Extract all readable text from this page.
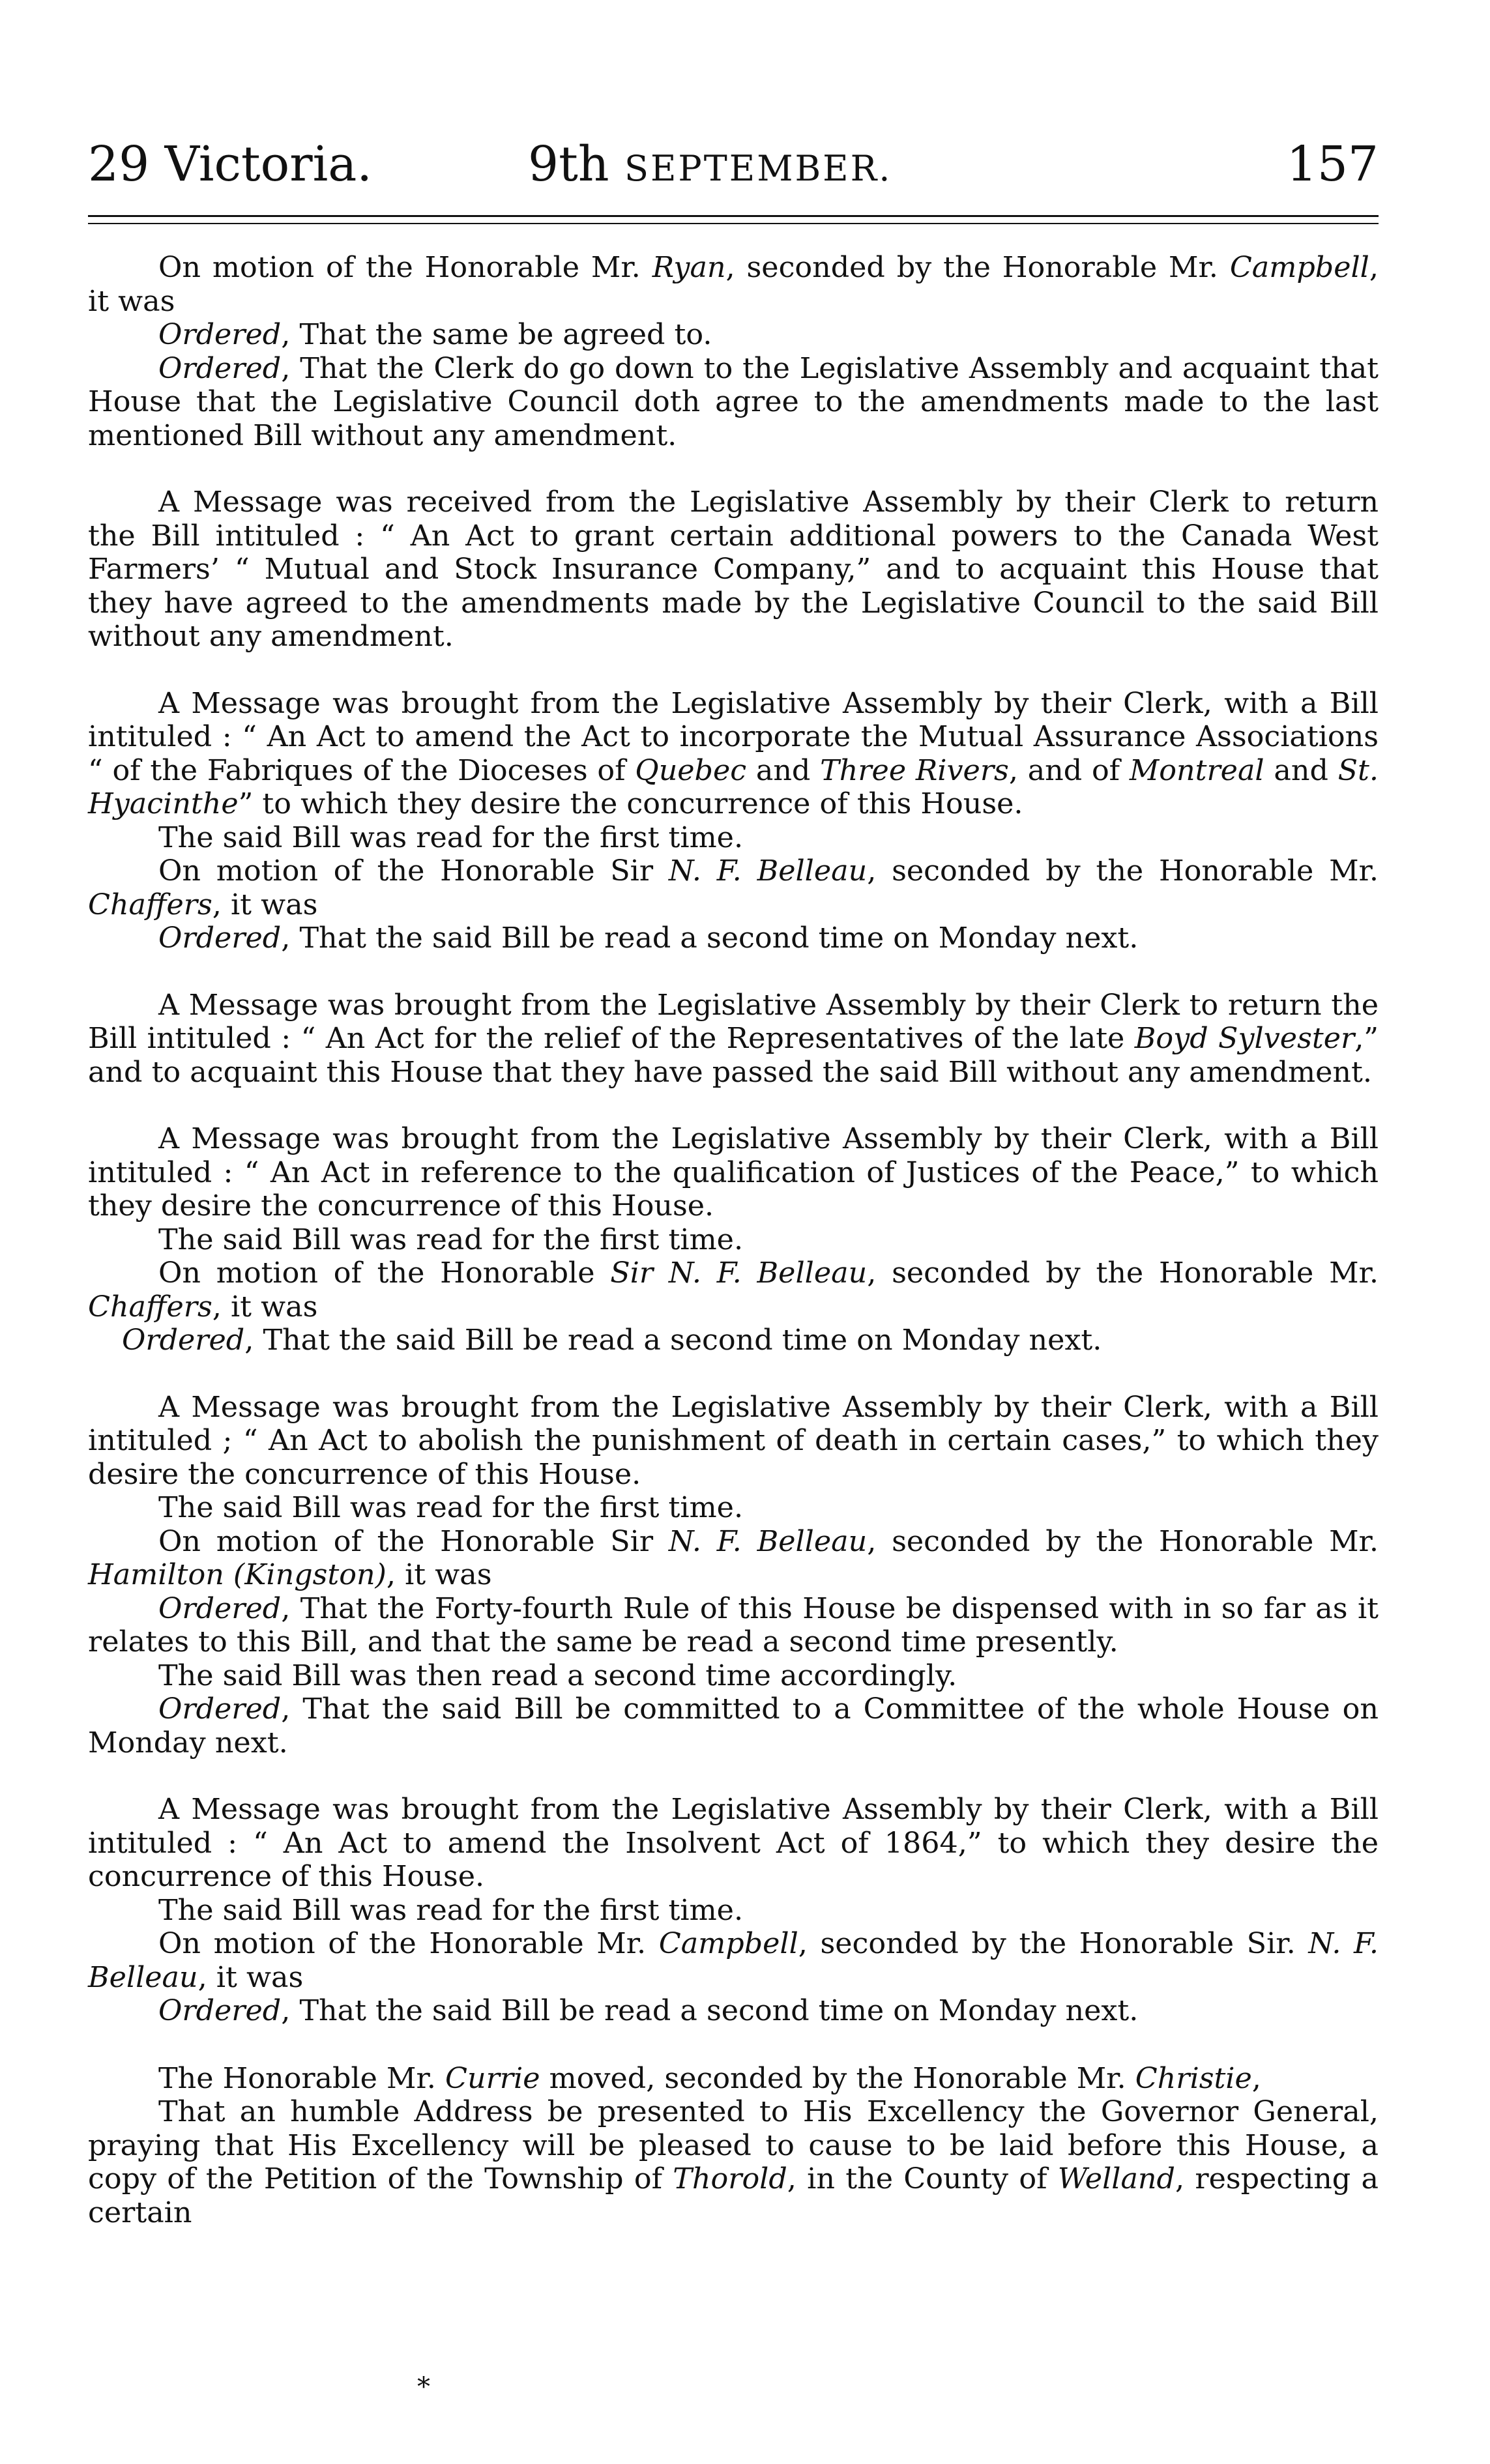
29 Victoria.	9th SEPTEMBER.	157

On motion of the Honorable Mr. Ryan, seconded by the Honorable Mr. Campbell, it was

Ordered, That the same be agreed to.

Ordered, That the Clerk do go down to the Legislative Assembly and acquaint that House that the Legislative Council doth agree to the amendments made to the last mentioned Bill without any amendment.

A Message was received from the Legislative Assembly by their Clerk to return the Bill intituled : “ An Act to grant certain additional powers to the Canada West Farmers’ “ Mutual and Stock Insurance Company,” and to acquaint this House that they have agreed to the amendments made by the Legislative Council to the said Bill without any amendment.

A Message was brought from the Legislative Assembly by their Clerk, with a Bill intituled : “ An Act to amend the Act to incorporate the Mutual Assurance Associations “ of the Fabriques of the Dioceses of Quebec and Three Rivers, and of Montreal and St. Hyacinthe” to which they desire the concurrence of this House.

The said Bill was read for the first time.

On motion of the Honorable Sir N. F. Belleau, seconded by the Honorable Mr. Chaffers, it was

Ordered, That the said Bill be read a second time on Monday next.

A Message was brought from the Legislative Assembly by their Clerk to return the Bill intituled : “ An Act for the relief of the Representatives of the late Boyd Sylvester,” and to acquaint this House that they have passed the said Bill without any amendment.

A Message was brought from the Legislative Assembly by their Clerk, with a Bill intituled : “ An Act in reference to the qualification of Justices of the Peace,” to which they desire the concurrence of this House.

The said Bill was read for the first time.

On motion of the Honorable Sir N. F. Belleau, seconded by the Honorable Mr. Chaffers, it was

Ordered, That the said Bill be read a second time on Monday next.

A Message was brought from the Legislative Assembly by their Clerk, with a Bill intituled ; “ An Act to abolish the punishment of death in certain cases,” to which they desire the concurrence of this House.

The said Bill was read for the first time.

On motion of the Honorable Sir N. F. Belleau, seconded by the Honorable Mr. Hamilton (Kingston), it was

Ordered, That the Forty-fourth Rule of this House be dispensed with in so far as it relates to this Bill, and that the same be read a second time presently.

The said Bill was then read a second time accordingly.

Ordered, That the said Bill be committed to a Committee of the whole House on Monday next.

A Message was brought from the Legislative Assembly by their Clerk, with a Bill intituled : “ An Act to amend the Insolvent Act of 1864,” to which they desire the concurrence of this House.

The said Bill was read for the first time.

On motion of the Honorable Mr. Campbell, seconded by the Honorable Sir. N. F. Belleau, it was

Ordered, That the said Bill be read a second time on Monday next.

The Honorable Mr. Currie moved, seconded by the Honorable Mr. Christie,

That an humble Address be presented to His Excellency the Governor General, praying that His Excellency will be pleased to cause to be laid before this House, a copy of the Petition of the Township of Thorold, in the County of Welland, respecting a certain

*
